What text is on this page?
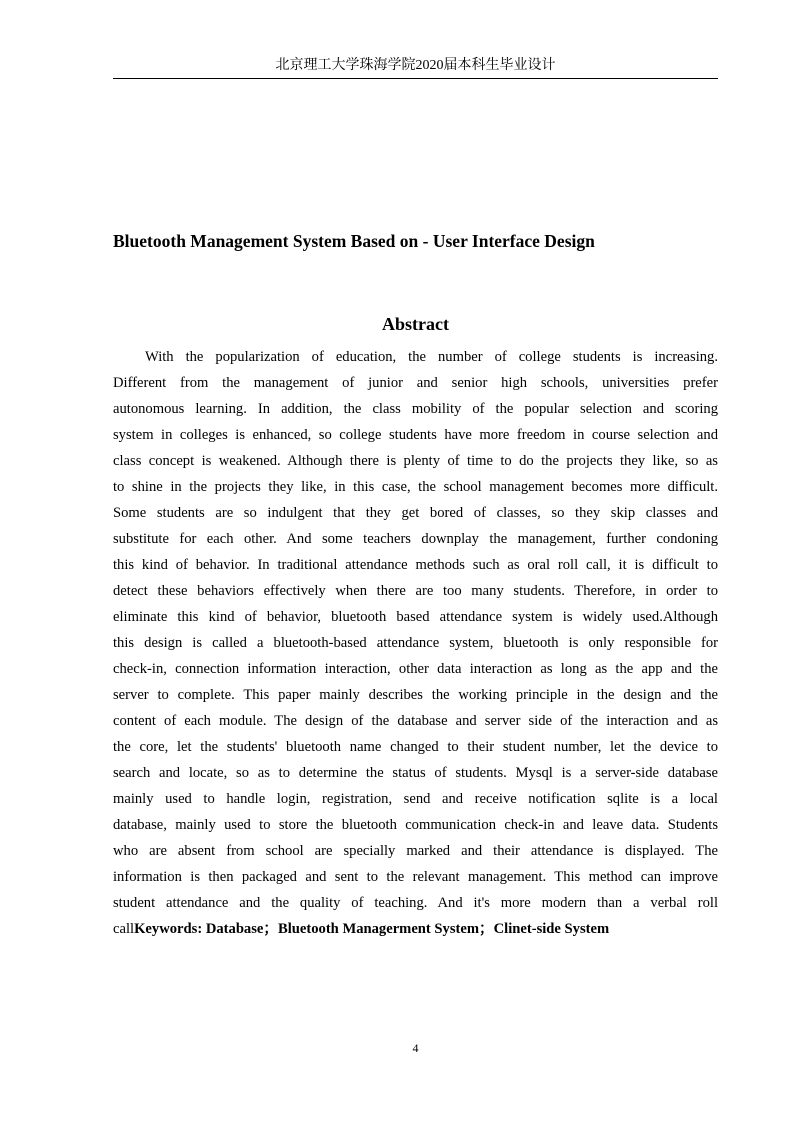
北京理工大学珠海学院2020届本科生毕业设计
Bluetooth Management System Based on - User Interface Design
Abstract
With the popularization of education, the number of college students is increasing.
Different from the management of junior and senior high schools, universities prefer
autonomous learning. In addition, the class mobility of the popular selection and scoring
system in colleges is enhanced, so college students have more freedom in course selection and
class concept is weakened. Although there is plenty of time to do the projects they like, so as
to shine in the projects they like, in this case, the school management becomes more difficult.
Some students are so indulgent that they get bored of classes, so they skip classes and
substitute for each other. And some teachers downplay the management, further condoning
this kind of behavior. In traditional attendance methods such as oral roll call, it is difficult to
detect these behaviors effectively when there are too many students. Therefore, in order to
eliminate this kind of behavior, bluetooth based attendance system is widely used.Although
this design is called a bluetooth-based attendance system, bluetooth is only responsible for
check-in, connection information interaction, other data interaction as long as the app and the
server to complete. This paper mainly describes the working principle in the design and the
content of each module. The design of the database and server side of the interaction and as
the core, let the students' bluetooth name changed to their student number, let the device to
search and locate, so as to determine the status of students. Mysql is a server-side database
mainly used to handle login, registration, send and receive notification sqlite is a local
database, mainly used to store the bluetooth communication check-in and leave data. Students
who are absent from school are specially marked and their attendance is displayed. The
information is then packaged and sent to the relevant management. This method can improve
student attendance and the quality of teaching. And it's more modern than a verbal roll
callKeywords: Database；Bluetooth Managerment System；Clinet-side System
4
